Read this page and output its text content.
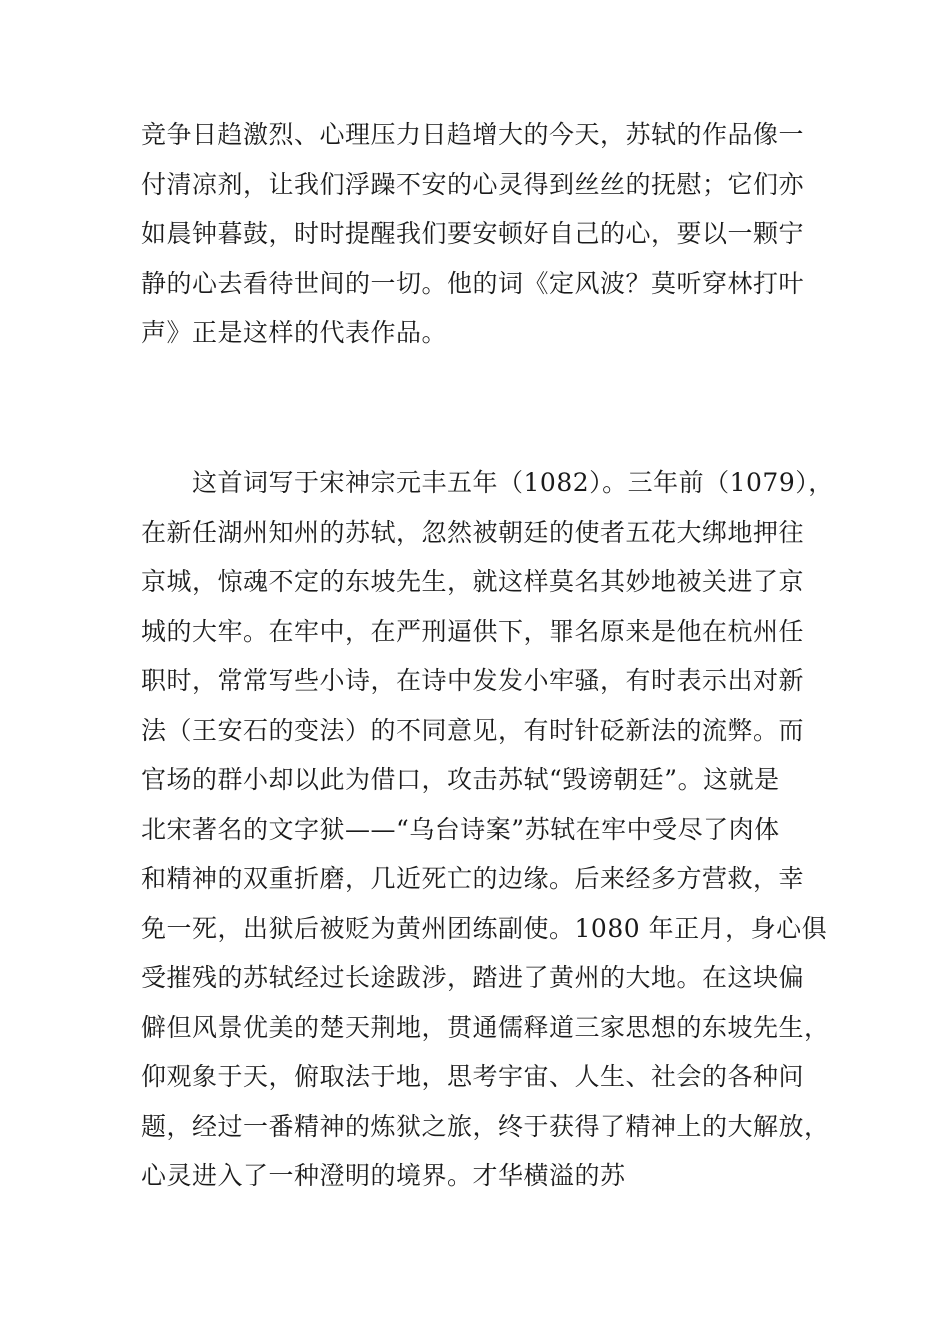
竞争日趋激烈、心理压力日趋增大的今天，苏轼的作品像一
付清凉剂，让我们浮躁不安的心灵得到丝丝的抚慰；它们亦
如晨钟暮鼓，时时提醒我们要安顿好自己的心，要以一颗宁
静的心去看待世间的一切。他的词《定风波？莫听穿林打叶
声》正是这样的代表作品。
这首词写于宋神宗元丰五年（1082）。三年前（1079），
在新任湖州知州的苏轼，忽然被朝廷的使者五花大绑地押往
京城，惊魂不定的东坡先生，就这样莫名其妙地被关进了京
城的大牢。在牢中，在严刑逼供下，罪名原来是他在杭州任
职时，常常写些小诗，在诗中发发小牢骚，有时表示出对新
法（王安石的变法）的不同意见，有时针砭新法的流弊。而
官场的群小却以此为借口，攻击苏轼“毁谤朝廷”。这就是
北宋著名的文字狱——“乌台诗案”苏轼在牢中受尽了肉体
和精神的双重折磨，几近死亡的边缘。后来经多方营救，幸
免一死，出狱后被贬为黄州团练副使。1080 年正月，身心俱
受摧残的苏轼经过长途跋涉，踏进了黄州的大地。在这块偏
僻但风景优美的楚天荆地，贯通儒释道三家思想的东坡先生，
仰观象于天，俯取法于地，思考宇宙、人生、社会的各种问
题，经过一番精神的炼狱之旅，终于获得了精神上的大解放，
心灵进入了一种澄明的境界。才华横溢的苏
